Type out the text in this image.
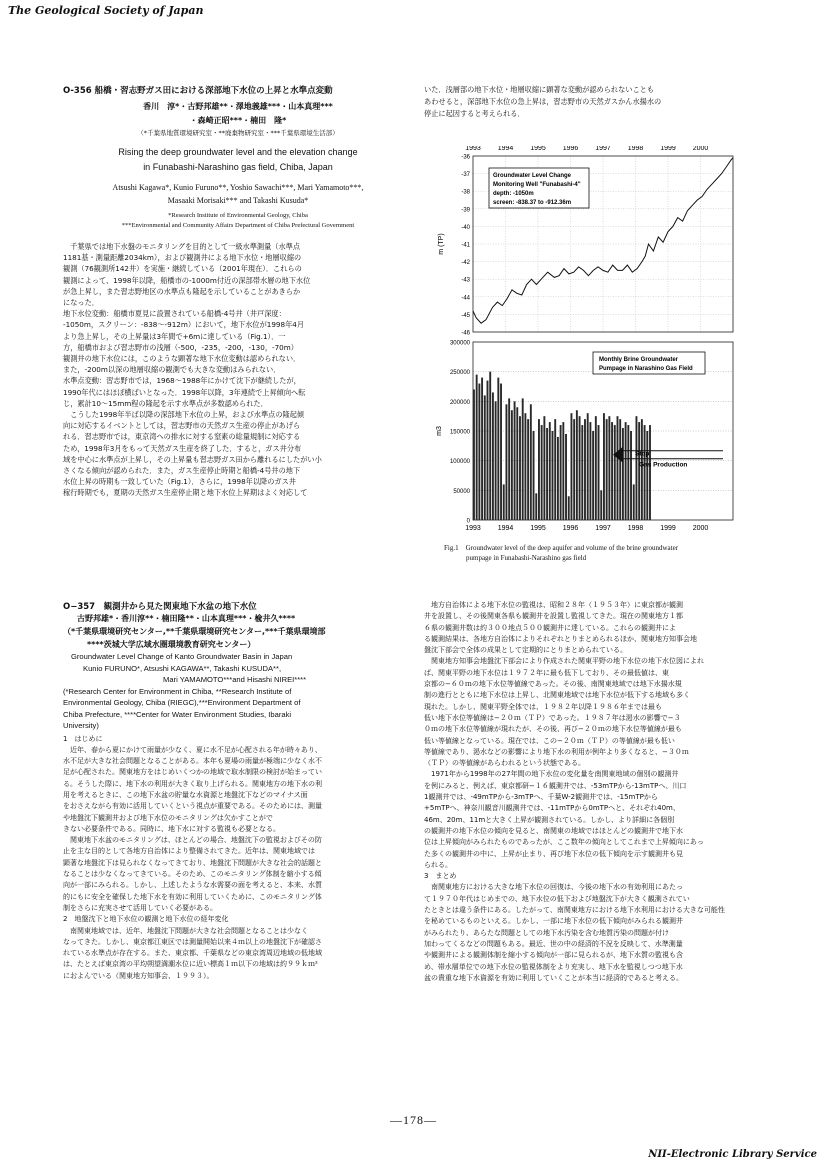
The Geological Society of Japan
O-356 船橋・習志野ガス田における深部地下水位の上昇と水準点変動
香川　淳*・古野邦雄**・澤地義雄***・山本真理***
・森崎正昭***・楠田　隆*
（*千葉県地質環境研究室・**廃棄物研究室・***千葉県環境生活部）
Rising the deep groundwater level and the elevation change
in Funabashi-Narashino gas field, Chiba, Japan
Atsushi Kagawa*, Kunio Furuno**, Yoshio Sawachi***, Mari Yamamoto***,
Masaaki Morisaki*** and Takashi Kusuda*
*Research Institute of Environmental Geology, Chiba
***Environmental and Community Affairs Department of Chiba Prefectural Government

　千葉県では地下水盤のモニタリングを目的として一級水準測量（水準点

1181基・測量距離2034km），および観測井による地下水位・地層収縮の

観測（76観測所142井）を実施・継続している（2001年現在）．これらの

観測によって、1998年以降，船橋市の-1000m付近の深部帯水層の地下水位

が急上昇し，また習志野地区の水準点も隆起を示していることがあきらか

になった．

地下水位変動：船橋市夏見に設置されている船橋-4号井（井戸深度：

-1050m，スクリーン：-838～-912m）において，地下水位が1998年4月

より急上昇し，その上昇量は3年間で+6mに達している（Fig.1）．一

方，船橋市および習志野市の浅層（-500，-235，-200，-130，-70m）

観測井の地下水位には，このような顕著な地下水位変動は認められない．

また，-200m以深の地層収縮の観測でも大きな変動はみられない．

水準点変動：習志野市では，1968～1988年にかけて沈下が継続したが，

1990年代にはほぼ横ばいとなった．1998年以降，3年連続で上昇傾向へ転

じ，累計10～15mm程の隆起を示す水準点が多数認められた．

　こうした1998年半ば以降の深部地下水位の上昇，および水準点の隆起傾

向に対応するイベントとしては，習志野市の天然ガス生産の停止があげら

れる．習志野市では，東京湾への排水に対する窒素の総量規制に対応する

ため，1998年3月をもって天然ガス生産を終了した．すると，ガス井分布

域を中心に水準点が上昇し，その上昇量も習志野ガス田から離れるにしたがい小

さくなる傾向が認められた．また，ガス生産停止時期と船橋-4号井の地下

水位上昇の時期も一致していた（Fig.1）．さらに，1998年以降のガス井

稼行時期でも，夏期の天然ガス生産停止期と地下水位上昇期はよく対応して

いた．浅層部の地下水位・地層収縮に顕著な変動が認められないことも

あわせると，深部地下水位の急上昇は，習志野市の天然ガスかん水揚水の

停止に起因すると考えられる．

1993 1994 1995 1996 1997 1998 1999 2000
-36
-37
-38
-39
-40
-41
-42
-43
-44
-45
-46
m (TP)
Groundwater Level Change
Monitoring Well "Funabashi-4"
depth: -1050m
screen: -838.37 to -912.36m
0
50000
100000
150000
200000
250000
300000
m3
1993 1994 1995 1996 1997 1998 1999 2000
Monthly Brine Groundwater
Pumpage in Narashino Gas Field
Stop
Gas Production
Fig.1　Groundwater level of the deep aquifer and volume of the brine groundwater
pumpage in Funabashi-Narashino gas field
O−357　観測井から見た関東地下水盆の地下水位
古野邦雄*・香川淳**・楠田隆**・山本真理***・楡井久****
（*千葉県環境研究センター,**千葉県環境研究センター,***千葉県環境部
****茨城大学広域水圏環境教育研究センター）
Groundwater Level Change of Kanto Groundwater Basin in Japan
Kunio FURUNO*, Atsushi KAGAWA**, Takashi KUSUDA**,
Mari YAMAMOTO***and Hisashi NIREI****
(*Research Center for Environment in Chiba, **Research Institute of
Environmental Geology, Chiba (RIEGC),***Environment Department of
Chiba Prefecture, ****Center for Water Environment Studies, Ibaraki
University)

1　はじめに

　近年、春から夏にかけて雨量が少なく、夏に水不足が心配される年が時々あり、

水不足が大きな社会問題となることがある。本年も夏場の雨量が極端に少なく水不

足が心配された。関東地方をはじめいくつかの地域で取水制限の検討が始まってい

る。そうした際に、地下水の利用が大きく取り上げられる。関東地方の地下水の利

用を考えるときに、この地下水盆の貯量な水資源と地盤沈下などのマイナス面

をおさえながら有効に活用していくという視点が重要である。そのためには、測量

や地盤沈下観測井および地下水位のモニタリングは欠かすことがで

きない必要条件である。同時に、地下水に対する監視も必要となる。

　関東地下水盆のモニタリングは、ほとんどの場合、地盤沈下の監視およびその防

止を主な目的として各地方自治体により整備されてきた。近年は、関東地域では

顕著な地盤沈下は見られなくなってきており、地盤沈下問題が大きな社会的話題と

なることは少なくなってきている。そのため、このモニタリング体制を縮小する傾

向が一部にみられる。しかし、上述したような水需要の面を考えると、本来、水質

的にもに安全を確保した地下水を有効に利用していくために、このモニタリング体

制をさらに充実させて活用していく必要がある。

2　地盤沈下と地下水位の観測と地下水位の経年変化

　南関東地域では、近年、地盤沈下問題が大きな社会問題となることは少なく

なってきた。しかし、東京都江東区では測量開始以来４ｍ以上の地盤沈下が確認さ

れている水準点が存在する。また、東京都、千葉県などの東京湾周辺地域の低地域

は、たとえば東京湾の平均朔望満潮水位に近い標高１ｍ以下の地域は約９９ｋｍ²

におよんでいる（関東地方知事会、１９９３）。

　地方自治体による地下水位の監視は、昭和２８年（１９５３年）に東京都が観測

井を設置し、その後関東各県も観測井を設置し監視してきた。現在の関東地方１都

６県の観測井数は約３００地点５００観測井に達している。これらの観測井によ

る観測結果は、各地方自治体によりそれぞれとりまとめられるほか、関東地方知事会地

盤沈下部会で全体の成果として定期的にとりまとめられている。

　関東地方知事会地盤沈下部会により作成された関東平野の地下水位の地下水位図によれ

ば、関東平野の地下水位は１９７２年に最も低下しており、その最低値は、東

京都の−６０ｍの地下水位等値線であった。その後、南関東地域では地下水揚水規

制の進行とともに地下水位は上昇し、北関東地域では地下水位が低下する地域も多く

現れた。しかし、関東平野全体では、１９８２年以降１９８６年までは最も

低い地下水位等値線は−２０ｍ（ＴＰ）であった。１９８７年は渇水の影響で−３

０ｍの地下水位等値線が現れたが、その後、再び−２０ｍの地下水位等値線が最も

低い等値線となっている。現在では、この−２０ｍ（ＴＰ）の等値線が最も低い

等値線であり、渇水などの影響により地下水の利用が例年より多くなると、−３０ｍ

（ＴＰ）の等値線があらわれるという状態である。

　1971年から1998年の27年間の地下水位の変化量を南関東地域の個別の観測井

を例にみると、例えば、東京都研−１６観測井では、-53mTPから-13mTPへ、川口

1観測井では、-49mTPから-3mTPへ、千葉W-2観測井では、-15mTPから

+5mTPへ、神奈川観音川観測井では、-11mTPから0mTPへと、それぞれ40m、

46m、20m、11mと大きく上昇が観測されている。しかし、より詳細に各個別

の観測井の地下水位の傾向を見ると、南関東の地域ではほとんどの観測井で地下水

位は上昇傾向がみられたものであったが、ここ数年の傾向としてこれまで上昇傾向にあっ

た多くの観測井の中に、上昇が止まり、再び地下水位の低下傾向を示す観測井も見

られる。

3　まとめ

　南関東地方における大きな地下水位の回復は、今後の地下水の有効利用にあたっ

て１９７０年代はじめまでの、地下水位の低下および地盤沈下が大きく観測されてい

たときとは違う条件にある。したがって、南関東地方における地下水利用における大きな可能性

を秘めているものといえる。しかし、一部に地下水位の低下傾向がみられる観測井

がみられたり、あらたな問題としての地下水汚染を含む地質汚染の問題が付け

加わってくるなどの問題もある。最近、世の中の経済的不況を反映して、水準測量

や観測井による観測体制を縮小する傾向が一部に見られるが、地下水質の監視も含

め、帯水層単位での地下水位の監視体制をより充実し、地下水を監視しつつ地下水

盆の貴重な地下水資源を有効に利用していくことが本当に経済的であると考える。

—178—
NII-Electronic Library Service
